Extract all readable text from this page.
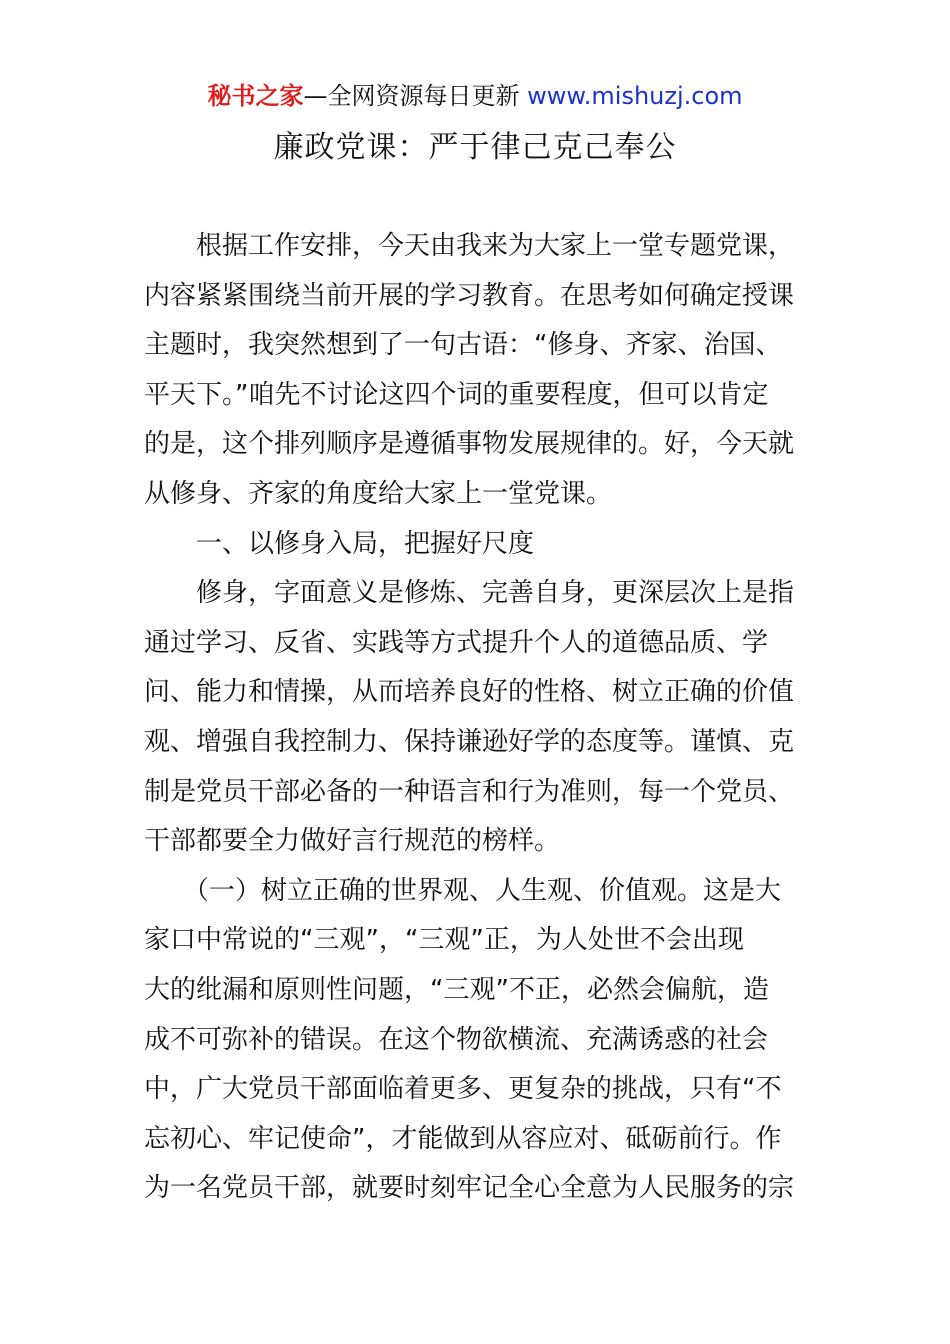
秘书之家—全网资源每日更新 www.mishuzj.com
廉政党课：严于律己克己奉公
　　根据工作安排，今天由我来为大家上一堂专题党课，
内容紧紧围绕当前开展的学习教育。在思考如何确定授课
主题时，我突然想到了一句古语：“修身、齐家、治国、
平天下。”咱先不讨论这四个词的重要程度，但可以肯定
的是，这个排列顺序是遵循事物发展规律的。好，今天就
从修身、齐家的角度给大家上一堂党课。
　　一、以修身入局，把握好尺度
　　修身，字面意义是修炼、完善自身，更深层次上是指
通过学习、反省、实践等方式提升个人的道德品质、学
问、能力和情操，从而培养良好的性格、树立正确的价值
观、增强自我控制力、保持谦逊好学的态度等。谨慎、克
制是党员干部必备的一种语言和行为准则，每一个党员、
干部都要全力做好言行规范的榜样。
　　（一）树立正确的世界观、人生观、价值观。这是大
家口中常说的“三观”，“三观”正，为人处世不会出现
大的纰漏和原则性问题，“三观”不正，必然会偏航，造
成不可弥补的错误。在这个物欲横流、充满诱惑的社会
中，广大党员干部面临着更多、更复杂的挑战，只有“不
忘初心、牢记使命”，才能做到从容应对、砥砺前行。作
为一名党员干部，就要时刻牢记全心全意为人民服务的宗
